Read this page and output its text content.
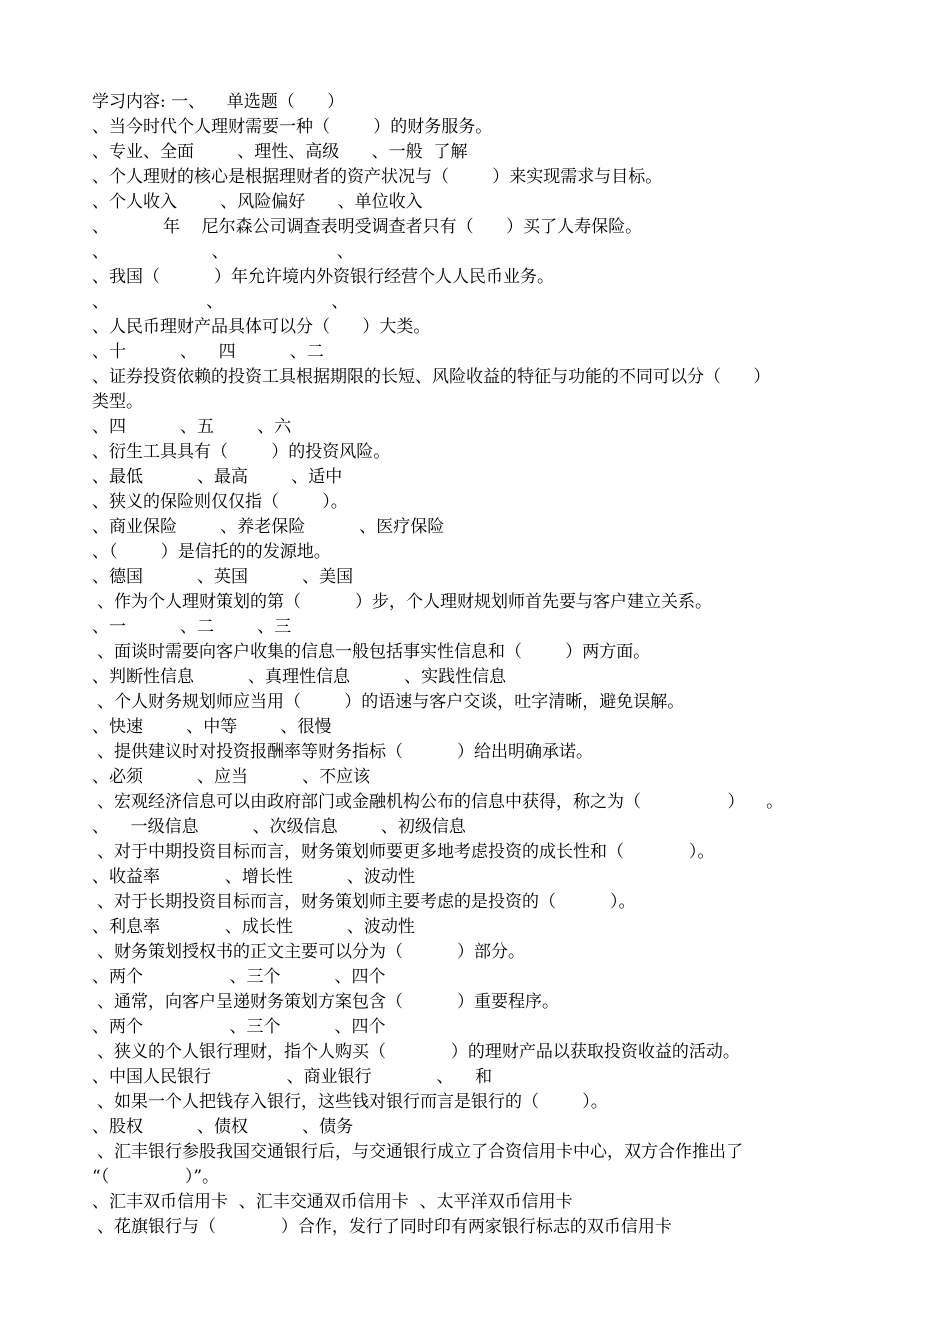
学习内容: 一、    单选题（      ）
、当今时代个人理财需要一种（        ）的财务服务。
、专业、全面        、理性、高级      、一般  了解
、个人理财的核心是根据理财者的资产状况与（        ）来实现需求与目标。
、个人收入        、风险偏好      、单位收入
、          年    尼尔森公司调查表明受调查者只有（      ）买了人寿保险。
、                   、                    、
、我国（          ）年允许境内外资银行经营个人人民币业务。
、                  、                    、
、人民币理财产品具体可以分（      ）大类。
、十          、    四          、二
、证券投资依赖的投资工具根据期限的长短、风险收益的特征与功能的不同可以分（      ）
类型。
、四          、五        、六
、衍生工具具有（        ）的投资风险。
、最低          、最高        、适中
、狭义的保险则仅仅指（        ）。
、商业保险        、养老保险          、医疗保险
、（        ）是信托的的发源地。
、德国          、英国          、美国
、作为个人理财策划的第（          ）步，个人理财规划师首先要与客户建立关系。
、一          、二        、三
、面谈时需要向客户收集的信息一般包括事实性信息和（        ）两方面。
、判断性信息          、真理性信息          、实践性信息
、个人财务规划师应当用（        ）的语速与客户交谈，吐字清晰，避免误解。
、快速        、中等        、很慢
、提供建议时对投资报酬率等财务指标（          ）给出明确承诺。
、必须          、应当          、不应该
、宏观经济信息可以由政府部门或金融机构公布的信息中获得，称之为（                ）    。
、    一级信息          、次级信息        、初级信息
、对于中期投资目标而言，财务策划师要更多地考虑投资的成长性和（            ）。
、收益率            、增长性          、波动性
、对于长期投资目标而言，财务策划师主要考虑的是投资的（          ）。
、利息率            、成长性          、波动性
、财务策划授权书的正文主要可以分为（          ）部分。
、两个                、三个          、四个
、通常，向客户呈递财务策划方案包含（          ）重要程序。
、两个                、三个          、四个
、狭义的个人银行理财，指个人购买（            ）的理财产品以获取投资收益的活动。
、中国人民银行              、商业银行            、    和
、如果一个人把钱存入银行，这些钱对银行而言是银行的（        ）。
、股权          、债权          、债务
、汇丰银行参股我国交通银行后，与交通银行成立了合资信用卡中心，双方合作推出了
“（              ）”。
、汇丰双币信用卡  、汇丰交通双币信用卡  、太平洋双币信用卡
、花旗银行与（            ）合作，发行了同时印有两家银行标志的双币信用卡
